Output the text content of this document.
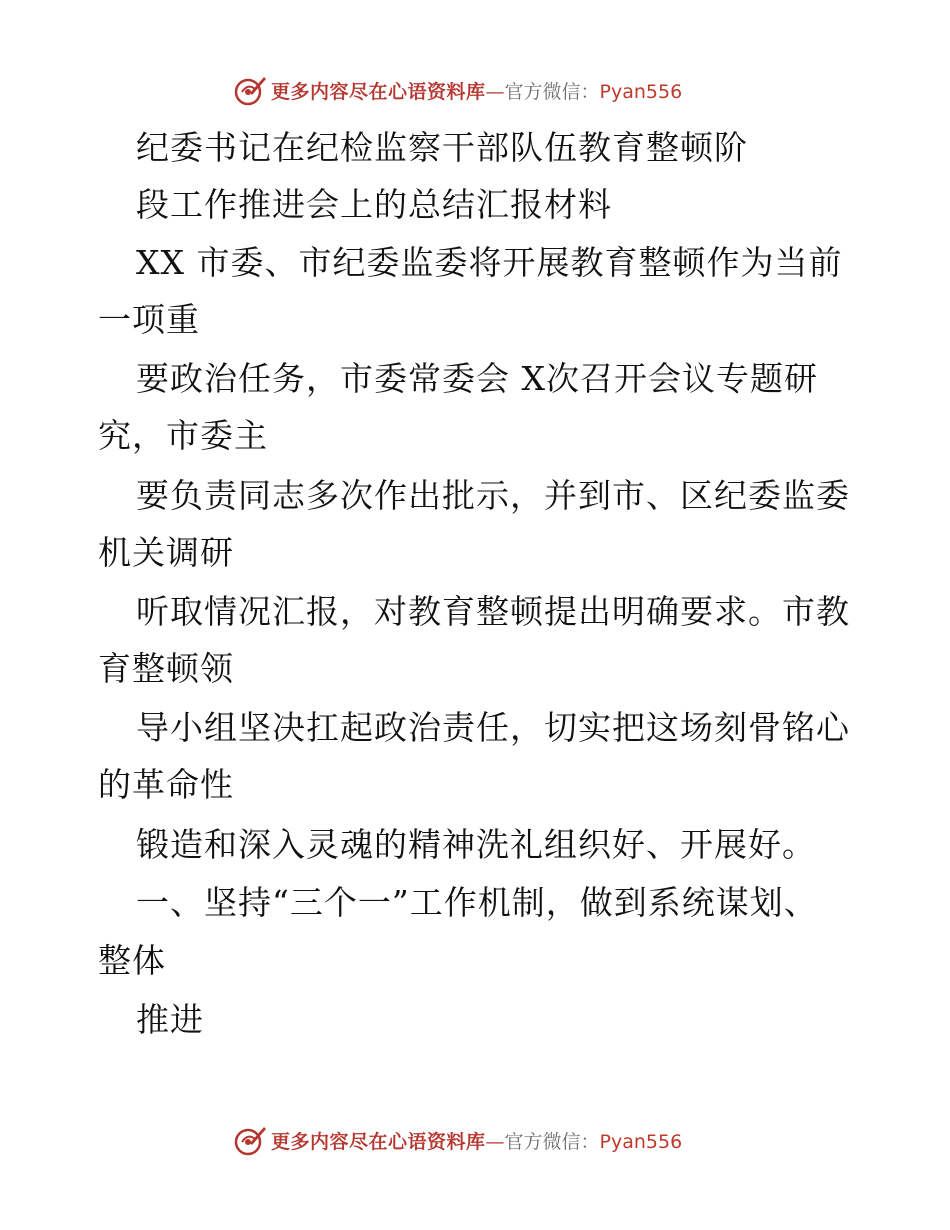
更多内容尽在心语资料库—官方微信：Pyan556
纪委书记在纪检监察干部队伍教育整顿阶
段工作推进会上的总结汇报材料
XX 市委、市纪委监委将开展教育整顿作为当前
一项重
要政治任务，市委常委会 X次召开会议专题研
究，市委主
要负责同志多次作出批示，并到市、区纪委监委
机关调研
听取情况汇报，对教育整顿提出明确要求。市教
育整顿领
导小组坚决扛起政治责任，切实把这场刻骨铭心
的革命性
锻造和深入灵魂的精神洗礼组织好、开展好。
一、坚持“三个一”工作机制，做到系统谋划、
整体
推进
更多内容尽在心语资料库—官方微信：Pyan556
